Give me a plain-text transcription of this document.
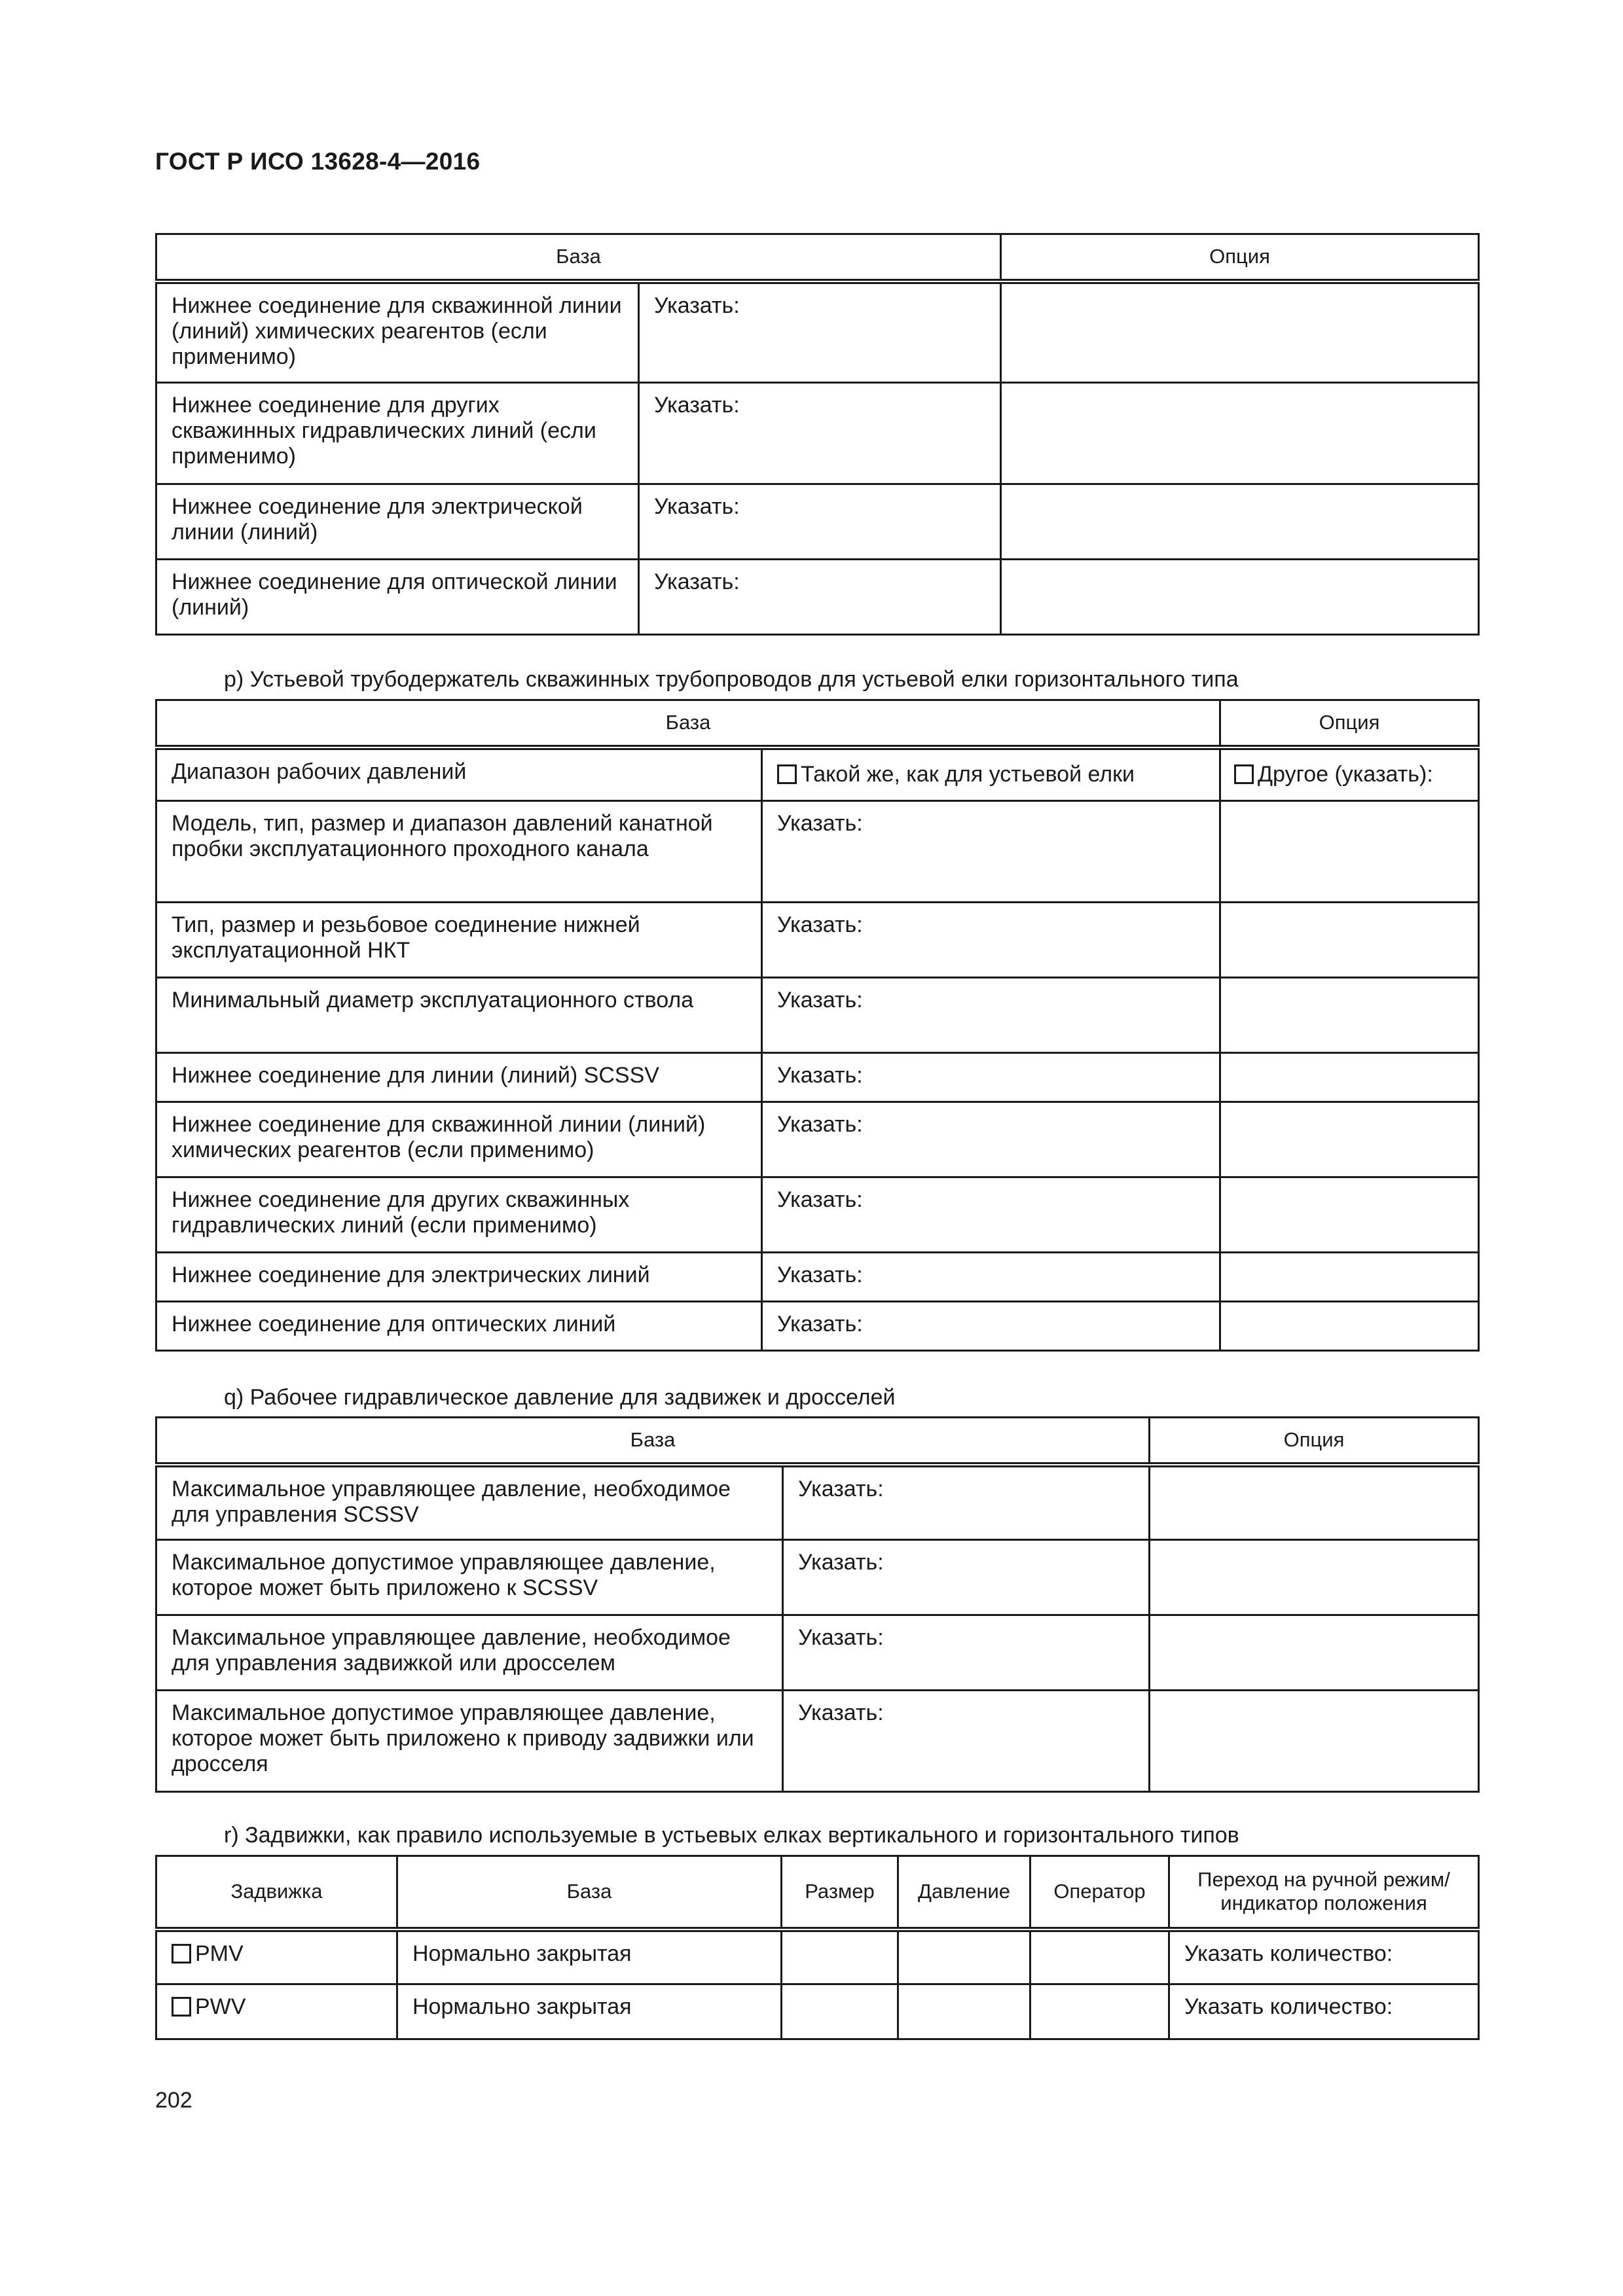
ГОСТ Р ИСО 13628-4—2016
База		Опция
Нижнее соединение для скважинной линии (линий) химических реагентов (если применимо)	Указать:	
Нижнее соединение для других скважинных гидравлических линий (если применимо)	Указать:	
Нижнее соединение для электрической линии (линий)	Указать:	
Нижнее соединение для оптической линии (линий)	Указать:	
р) Устьевой трубодержатель скважинных трубопроводов для устьевой елки горизонтального типа
База		Опция
Диапазон рабочих давлений	Такой же, как для устьевой елки	Другое (указать):
Модель, тип, размер и диапазон давлений канатной пробки эксплуатационного проходного канала	Указать:	
Тип, размер и резьбовое соединение нижней эксплуатационной НКТ	Указать:	
Минимальный диаметр эксплуатационного ствола	Указать:	
Нижнее соединение для линии (линий) SCSSV	Указать:	
Нижнее соединение для скважинной линии (линий) химических реагентов (если применимо)	Указать:	
Нижнее соединение для других скважинных гидравлических линий (если применимо)	Указать:	
Нижнее соединение для электрических линий	Указать:	
Нижнее соединение для оптических линий	Указать:	
q) Рабочее гидравлическое давление для задвижек и дросселей
База		Опция
Максимальное управляющее давление, необходимое для управления SCSSV	Указать:	
Максимальное допустимое управляющее давление, которое может быть приложено к SCSSV	Указать:	
Максимальное управляющее давление, необходимое для управления задвижкой или дросселем	Указать:	
Максимальное допустимое управляющее давление, которое может быть приложено к приводу задвижки или дросселя	Указать:	
r) Задвижки, как правило используемые в устьевых елках вертикального и горизонтального типов
Задвижка	База	Размер	Давление	Оператор	Переход на ручной режим/ индикатор положения
PMV	Нормально закрытая				Указать количество:
PWV	Нормально закрытая				Указать количество:
202
